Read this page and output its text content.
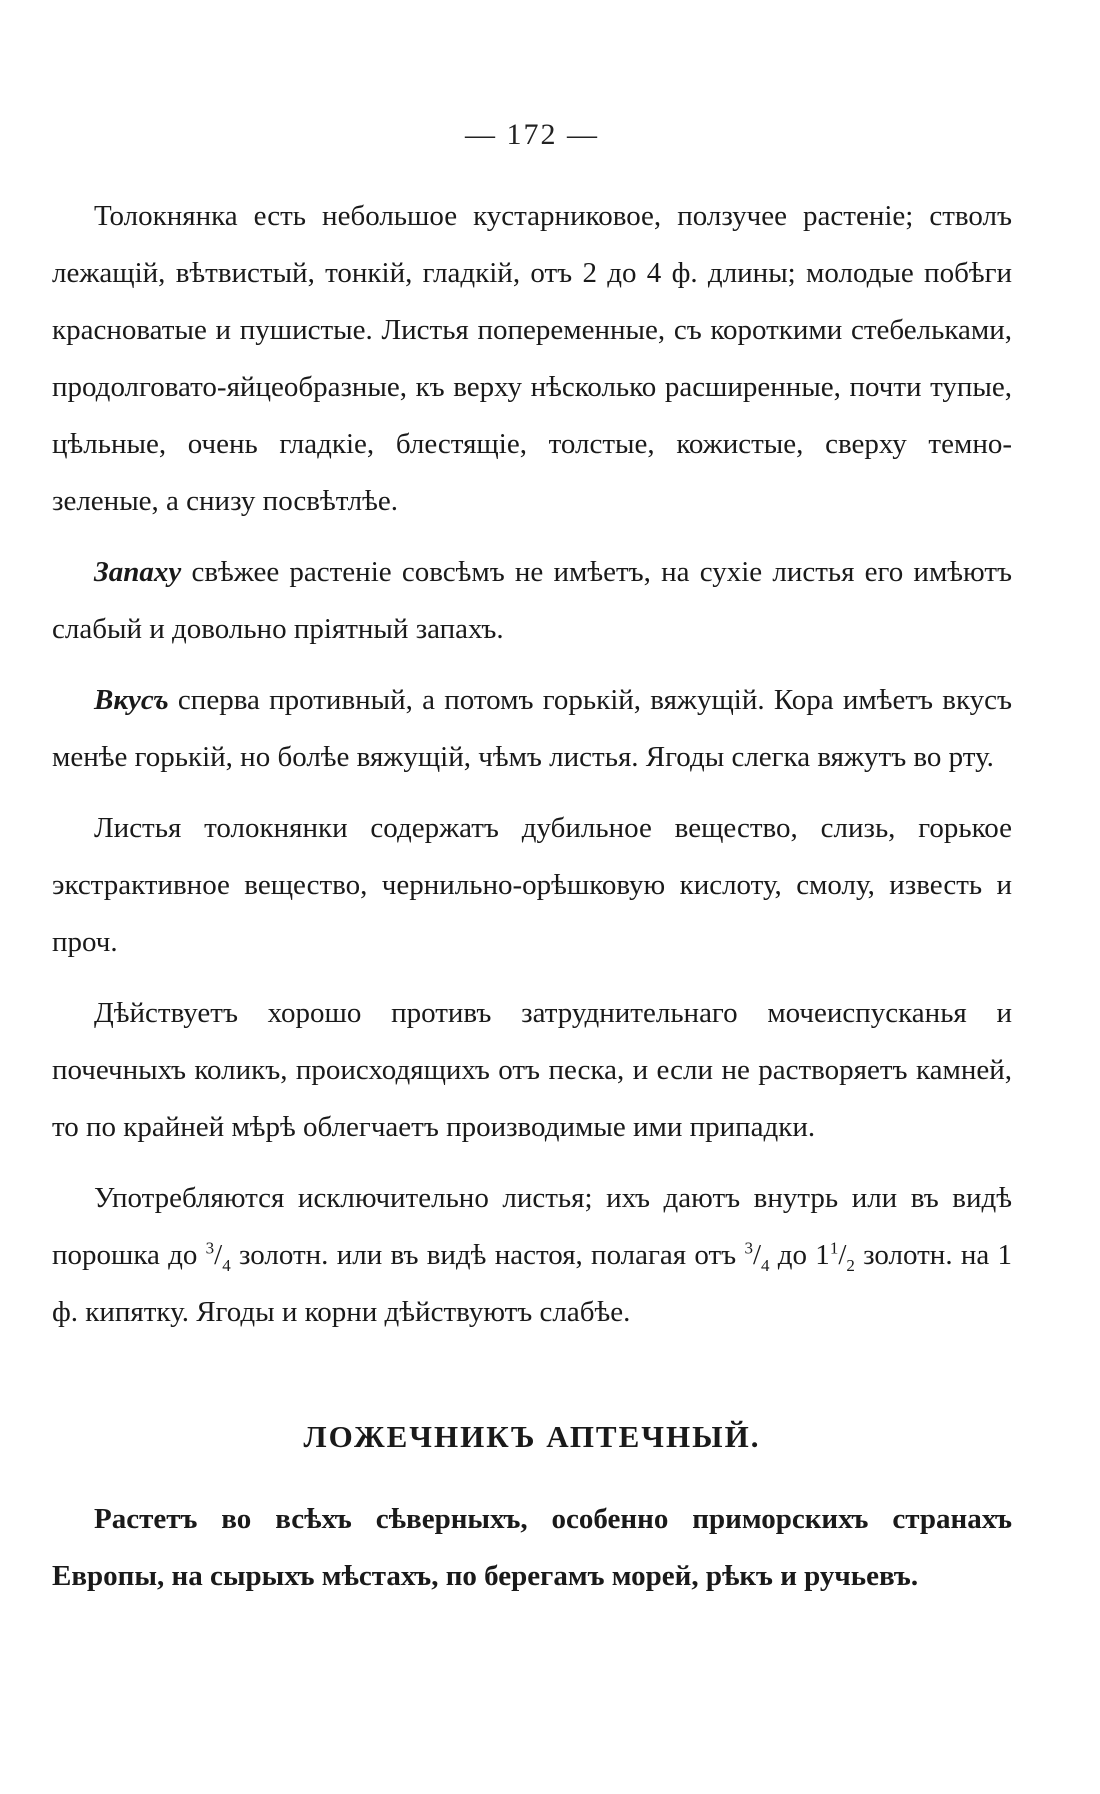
— 172 —

Толокнянка есть небольшое кустарниковое, ползучее растеніе; стволъ лежащій, вѣтвистый, тонкій, гладкій, отъ 2 до 4 ф. длины; молодые побѣги красноватые и пушистые. Листья попеременные, съ короткими стебельками, продолговато-яйцеобразные, къ верху нѣсколько расширенные, почти тупые, цѣльные, очень гладкіе, блестящіе, толстые, кожистые, сверху темно-зеленые, а снизу посвѣтлѣе.

Запаху свѣжее растеніе совсѣмъ не имѣетъ, на сухіе листья его имѣютъ слабый и довольно пріятный запахъ.

Вкусъ сперва противный, а потомъ горькій, вяжущій. Кора имѣетъ вкусъ менѣе горькій, но болѣе вяжущій, чѣмъ листья. Ягоды слегка вяжутъ во рту.

Листья толокнянки содержатъ дубильное вещество, слизь, горькое экстрактивное вещество, чернильно-орѣшковую кислоту, смолу, известь и проч.

Дѣйствуетъ хорошо противъ затруднительнаго мочеиспусканья и почечныхъ коликъ, происходящихъ отъ песка, и если не растворяетъ камней, то по крайней мѣрѣ облегчаетъ производимые ими припадки.

Употребляются исключительно листья; ихъ даютъ внутрь или въ видѣ порошка до $^3/_4$ золотн. или въ видѣ настоя, полагая отъ $^3/_4$ до $1^1/_2$ золотн. на 1 ф. кипятку. Ягоды и корни дѣйствуютъ слабѣе.

ЛОЖЕЧНИКЪ АПТЕЧНЫЙ.

Растетъ во всѣхъ сѣверныхъ, особенно приморскихъ странахъ Европы, на сырыхъ мѣстахъ, по берегамъ морей, рѣкъ и ручьевъ.
